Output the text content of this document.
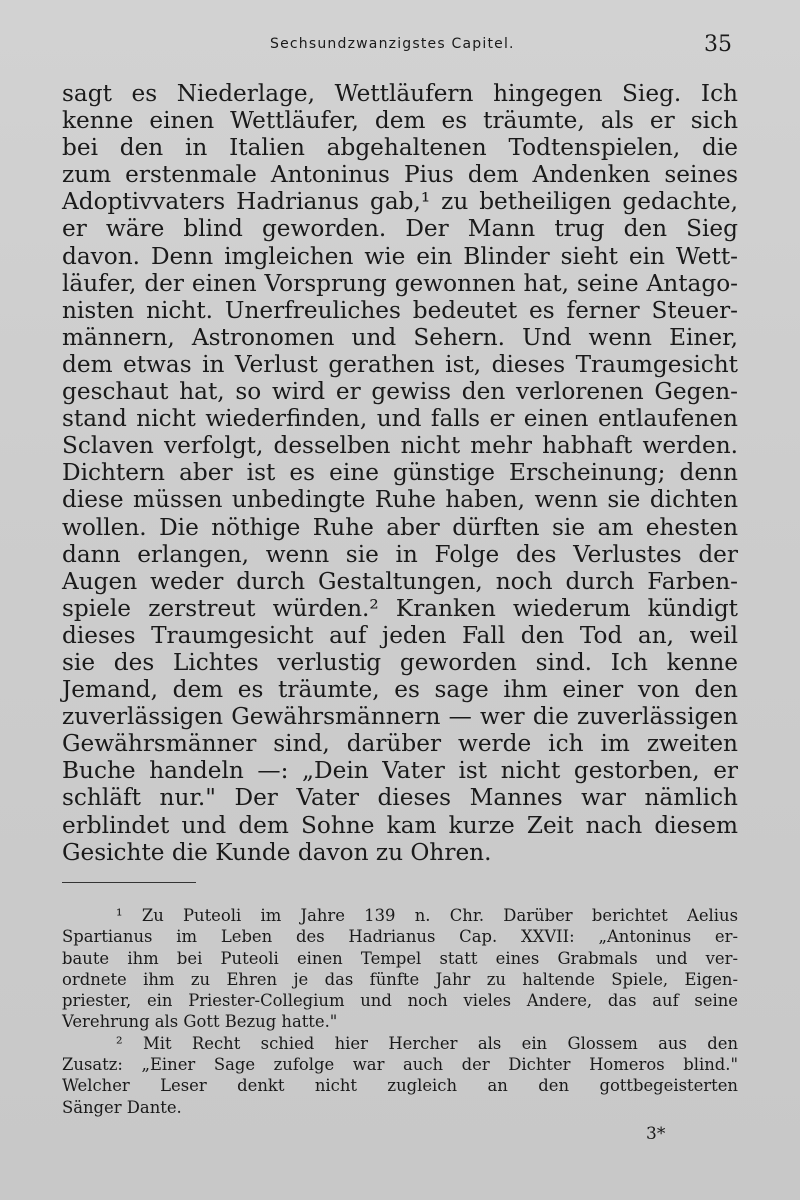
Sechsundzwanzigstes Capitel.	35
sagt es Niederlage, Wettläufern hingegen Sieg. Ich
kenne einen Wettläufer, dem es träumte, als er sich
bei den in Italien abgehaltenen Todtenspielen, die
zum erstenmale Antoninus Pius dem Andenken seines
Adoptivvaters Hadrianus gab,¹ zu betheiligen gedachte,
er wäre blind geworden. Der Mann trug den Sieg
davon. Denn imgleichen wie ein Blinder sieht ein Wett-
läufer, der einen Vorsprung gewonnen hat, seine Antago-
nisten nicht. Unerfreuliches bedeutet es ferner Steuer-
männern, Astronomen und Sehern. Und wenn Einer,
dem etwas in Verlust gerathen ist, dieses Traumgesicht
geschaut hat, so wird er gewiss den verlorenen Gegen-
stand nicht wiederfinden, und falls er einen entlaufenen
Sclaven verfolgt, desselben nicht mehr habhaft werden.
Dichtern aber ist es eine günstige Erscheinung; denn
diese müssen unbedingte Ruhe haben, wenn sie dichten
wollen. Die nöthige Ruhe aber dürften sie am ehesten
dann erlangen, wenn sie in Folge des Verlustes der
Augen weder durch Gestaltungen, noch durch Farben-
spiele zerstreut würden.² Kranken wiederum kündigt
dieses Traumgesicht auf jeden Fall den Tod an, weil
sie des Lichtes verlustig geworden sind. Ich kenne
Jemand, dem es träumte, es sage ihm einer von den
zuverlässigen Gewährsmännern — wer die zuverlässigen
Gewährsmänner sind, darüber werde ich im zweiten
Buche handeln —: „Dein Vater ist nicht gestorben, er
schläft nur." Der Vater dieses Mannes war nämlich
erblindet und dem Sohne kam kurze Zeit nach diesem
Gesichte die Kunde davon zu Ohren.
¹ Zu Puteoli im Jahre 139 n. Chr. Darüber berichtet Aelius
Spartianus im Leben des Hadrianus Cap. XXVII: „Antoninus er-
baute ihm bei Puteoli einen Tempel statt eines Grabmals und ver-
ordnete ihm zu Ehren je das fünfte Jahr zu haltende Spiele, Eigen-
priester, ein Priester-Collegium und noch vieles Andere, das auf seine
Verehrung als Gott Bezug hatte."
² Mit Recht schied hier Hercher als ein Glossem aus den
Zusatz: „Einer Sage zufolge war auch der Dichter Homeros blind."
Welcher Leser denkt nicht zugleich an den gottbegeisterten
Sänger Dante.
3*
